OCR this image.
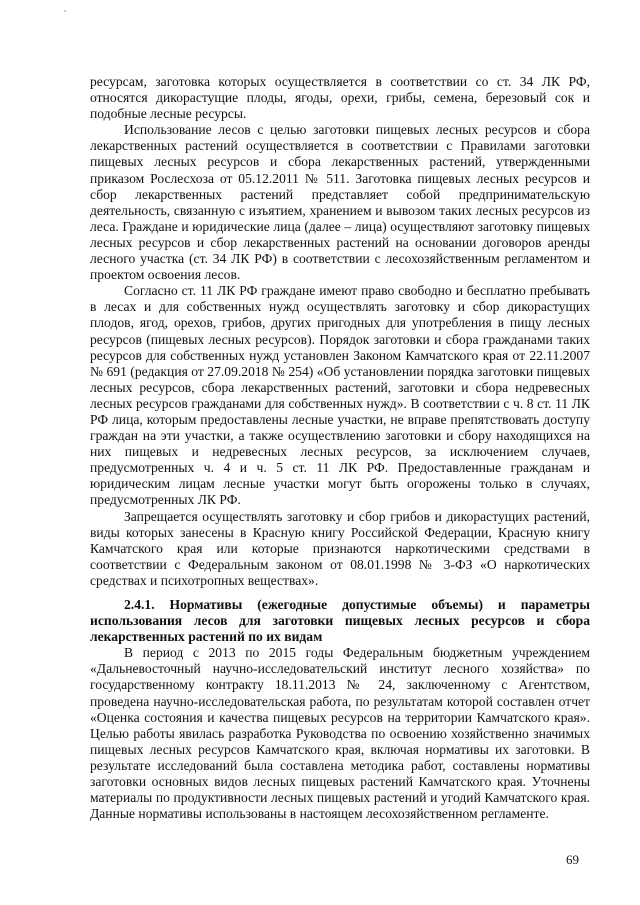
ресурсам, заготовка которых осуществляется в соответствии со ст. 34 ЛК РФ, относятся дикорастущие плоды, ягоды, орехи, грибы, семена, березовый сок и подобные лесные ресурсы.

Использование лесов с целью заготовки пищевых лесных ресурсов и сбора лекарственных растений осуществляется в соответствии с Правилами заготовки пищевых лесных ресурсов и сбора лекарственных растений, утвержденными приказом Рослесхоза от 05.12.2011 № 511. Заготовка пищевых лесных ресурсов и сбор лекарственных растений представляет собой предпринимательскую деятельность, связанную с изъятием, хранением и вывозом таких лесных ресурсов из леса. Граждане и юридические лица (далее – лица) осуществляют заготовку пищевых лесных ресурсов и сбор лекарственных растений на основании договоров аренды лесного участка (ст. 34 ЛК РФ) в соответствии с лесохозяйственным регламентом и проектом освоения лесов.

Согласно ст. 11 ЛК РФ граждане имеют право свободно и бесплатно пребывать в лесах и для собственных нужд осуществлять заготовку и сбор дикорастущих плодов, ягод, орехов, грибов, других пригодных для употребления в пищу лесных ресурсов (пищевых лесных ресурсов). Порядок заготовки и сбора гражданами таких ресурсов для собственных нужд установлен Законом Камчатского края от 22.11.2007 № 691 (редакция от 27.09.2018 № 254) «Об установлении порядка заготовки пищевых лесных ресурсов, сбора лекарственных растений, заготовки и сбора недревесных лесных ресурсов гражданами для собственных нужд». В соответствии с ч. 8 ст. 11 ЛК РФ лица, которым предоставлены лесные участки, не вправе препятствовать доступу граждан на эти участки, а также осуществлению заготовки и сбору находящихся на них пищевых и недревесных лесных ресурсов, за исключением случаев, предусмотренных ч. 4 и ч. 5 ст. 11 ЛК РФ. Предоставленные гражданам и юридическим лицам лесные участки могут быть огорожены только в случаях, предусмотренных ЛК РФ.

Запрещается осуществлять заготовку и сбор грибов и дикорастущих растений, виды которых занесены в Красную книгу Российской Федерации, Красную книгу Камчатского края или которые признаются наркотическими средствами в соответствии с Федеральным законом от 08.01.1998 № 3-ФЗ «О наркотических средствах и психотропных веществах».

2.4.1. Нормативы (ежегодные допустимые объемы) и параметры использования лесов для заготовки пищевых лесных ресурсов и сбора лекарственных растений по их видам

В период с 2013 по 2015 годы Федеральным бюджетным учреждением «Дальневосточный научно-исследовательский институт лесного хозяйства» по государственному контракту 18.11.2013 № 24, заключенному с Агентством, проведена научно-исследовательская работа, по результатам которой составлен отчет «Оценка состояния и качества пищевых ресурсов на территории Камчатского края». Целью работы явилась разработка Руководства по освоению хозяйственно значимых пищевых лесных ресурсов Камчатского края, включая нормативы их заготовки. В результате исследований была составлена методика работ, составлены нормативы заготовки основных видов лесных пищевых растений Камчатского края. Уточнены материалы по продуктивности лесных пищевых растений и угодий Камчатского края. Данные нормативы использованы в настоящем лесохозяйственном регламенте.

69
